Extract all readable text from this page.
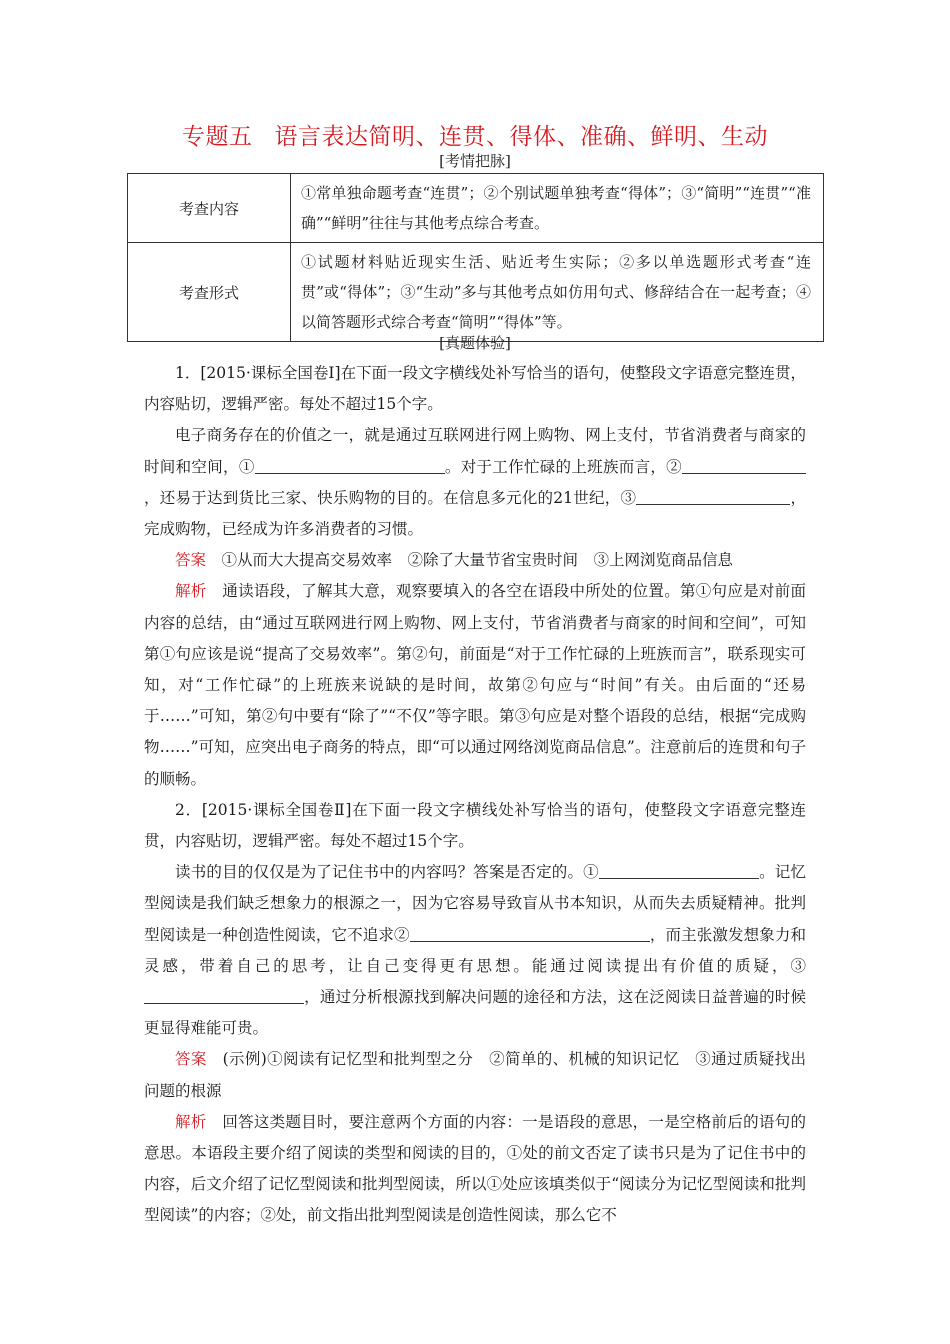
专题五 语言表达简明、连贯、得体、准确、鲜明、生动
[考情把脉]
考查内容	①常单独命题考查“连贯”；②个别试题单独考查“得体”；③“简明”“连贯”“准确”“鲜明”往往与其他考点综合考查。
考查形式	①试题材料贴近现实生活、贴近考生实际；②多以单选题形式考查“连贯”或“得体”；③“生动”多与其他考点如仿用句式、修辞结合在一起考查；④以简答题形式综合考查“简明”“得体”等。
[真题体验]

1．[2015·课标全国卷Ⅰ]在下面一段文字横线处补写恰当的语句，使整段文字语意完整连贯，内容贴切，逻辑严密。每处不超过15个字。

电子商务存在的价值之一，就是通过互联网进行网上购物、网上支付，节省消费者与商家的时间和空间，①	。对于工作忙碌的上班族而言，②，还易于达到货比三家、快乐购物的目的。在信息多元化的21世纪，③	，完成购物，已经成为许多消费者的习惯。

答案　 ①从而大大提高交易效率　②除了大量节省宝贵时间　③上网浏览商品信息

解析　 通读语段，了解其大意，观察要填入的各空在语段中所处的位置。第①句应是对前面内容的总结，由“通过互联网进行网上购物、网上支付，节省消费者与商家的时间和空间”，可知第①句应该是说“提高了交易效率”。第②句，前面是“对于工作忙碌的上班族而言”，联系现实可知，对“工作忙碌”的上班族来说缺的是时间，故第②句应与“时间”有关。由后面的“还易于……”可知，第②句中要有“除了”“不仅”等字眼。第③句应是对整个语段的总结，根据“完成购物……”可知，应突出电子商务的特点，即“可以通过网络浏览商品信息”。注意前后的连贯和句子的顺畅。

2．[2015·课标全国卷Ⅱ]在下面一段文字横线处补写恰当的语句，使整段文字语意完整连贯，内容贴切，逻辑严密。每处不超过15个字。

读书的目的仅仅是为了记住书中的内容吗？答案是否定的。①	。记忆型阅读是我们缺乏想象力的根源之一，因为它容易导致盲从书本知识，从而失去质疑精神。批判型阅读是一种创造性阅读，它不追求②	，而主张激发想象力和灵感，带着自己的思考，让自己变得更有思想。能通过阅读提出有价值的质疑，③，通过分析根源找到解决问题的途径和方法，这在泛阅读日益普遍的时候更显得难能可贵。

答案　 (示例)①阅读有记忆型和批判型之分　②简单的、机械的知识记忆　③通过质疑找出问题的根源

解析　 回答这类题目时，要注意两个方面的内容：一是语段的意思，一是空格前后的语句的意思。本语段主要介绍了阅读的类型和阅读的目的，①处的前文否定了读书只是为了记住书中的内容，后文介绍了记忆型阅读和批判型阅读，所以①处应该填类似于“阅读分为记忆型阅读和批判型阅读”的内容；②处，前文指出批判型阅读是创造性阅读，那么它不
